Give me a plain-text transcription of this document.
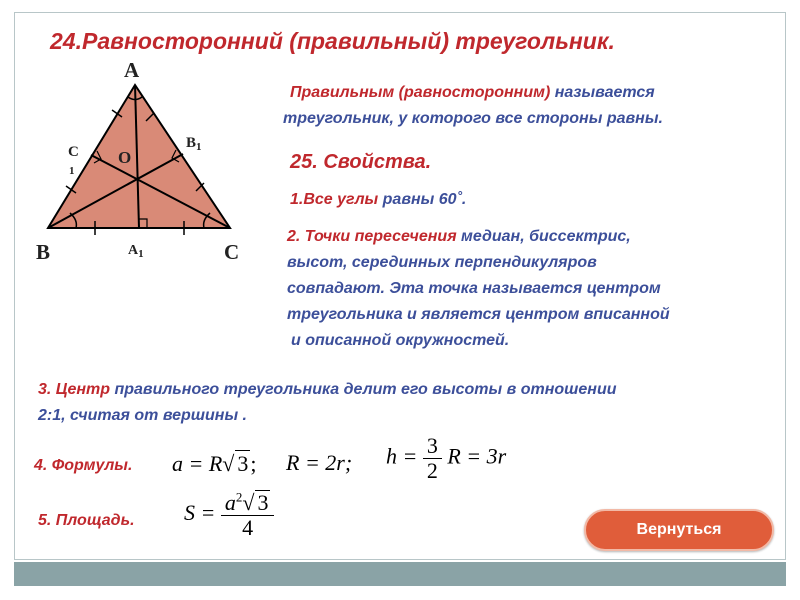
24.Равносторонний (правильный) треугольник.
A
B	C
O
$B_1$
$A_1$
C
1
Правильным (равносторонним) называется
треугольник, у которого все стороны равны.
25. Свойства.
1.Все углы равны 60˚.
2. Точки пересечения медиан, биссектрис,
высот, серединных перпендикуляров
совпадают. Эта точка называется центром
треугольника и является центром вписанной
и описанной окружностей.
3. Центр правильного треугольника делит его высоты в отношении
2:1, считая от вершины .
4. Формулы. a = R√ 3; R = 2r; $h = \frac{3}{2}$ R = 3r
5. Площадь. $S = \frac{a^2√ 3}{4}$	Вернуться
